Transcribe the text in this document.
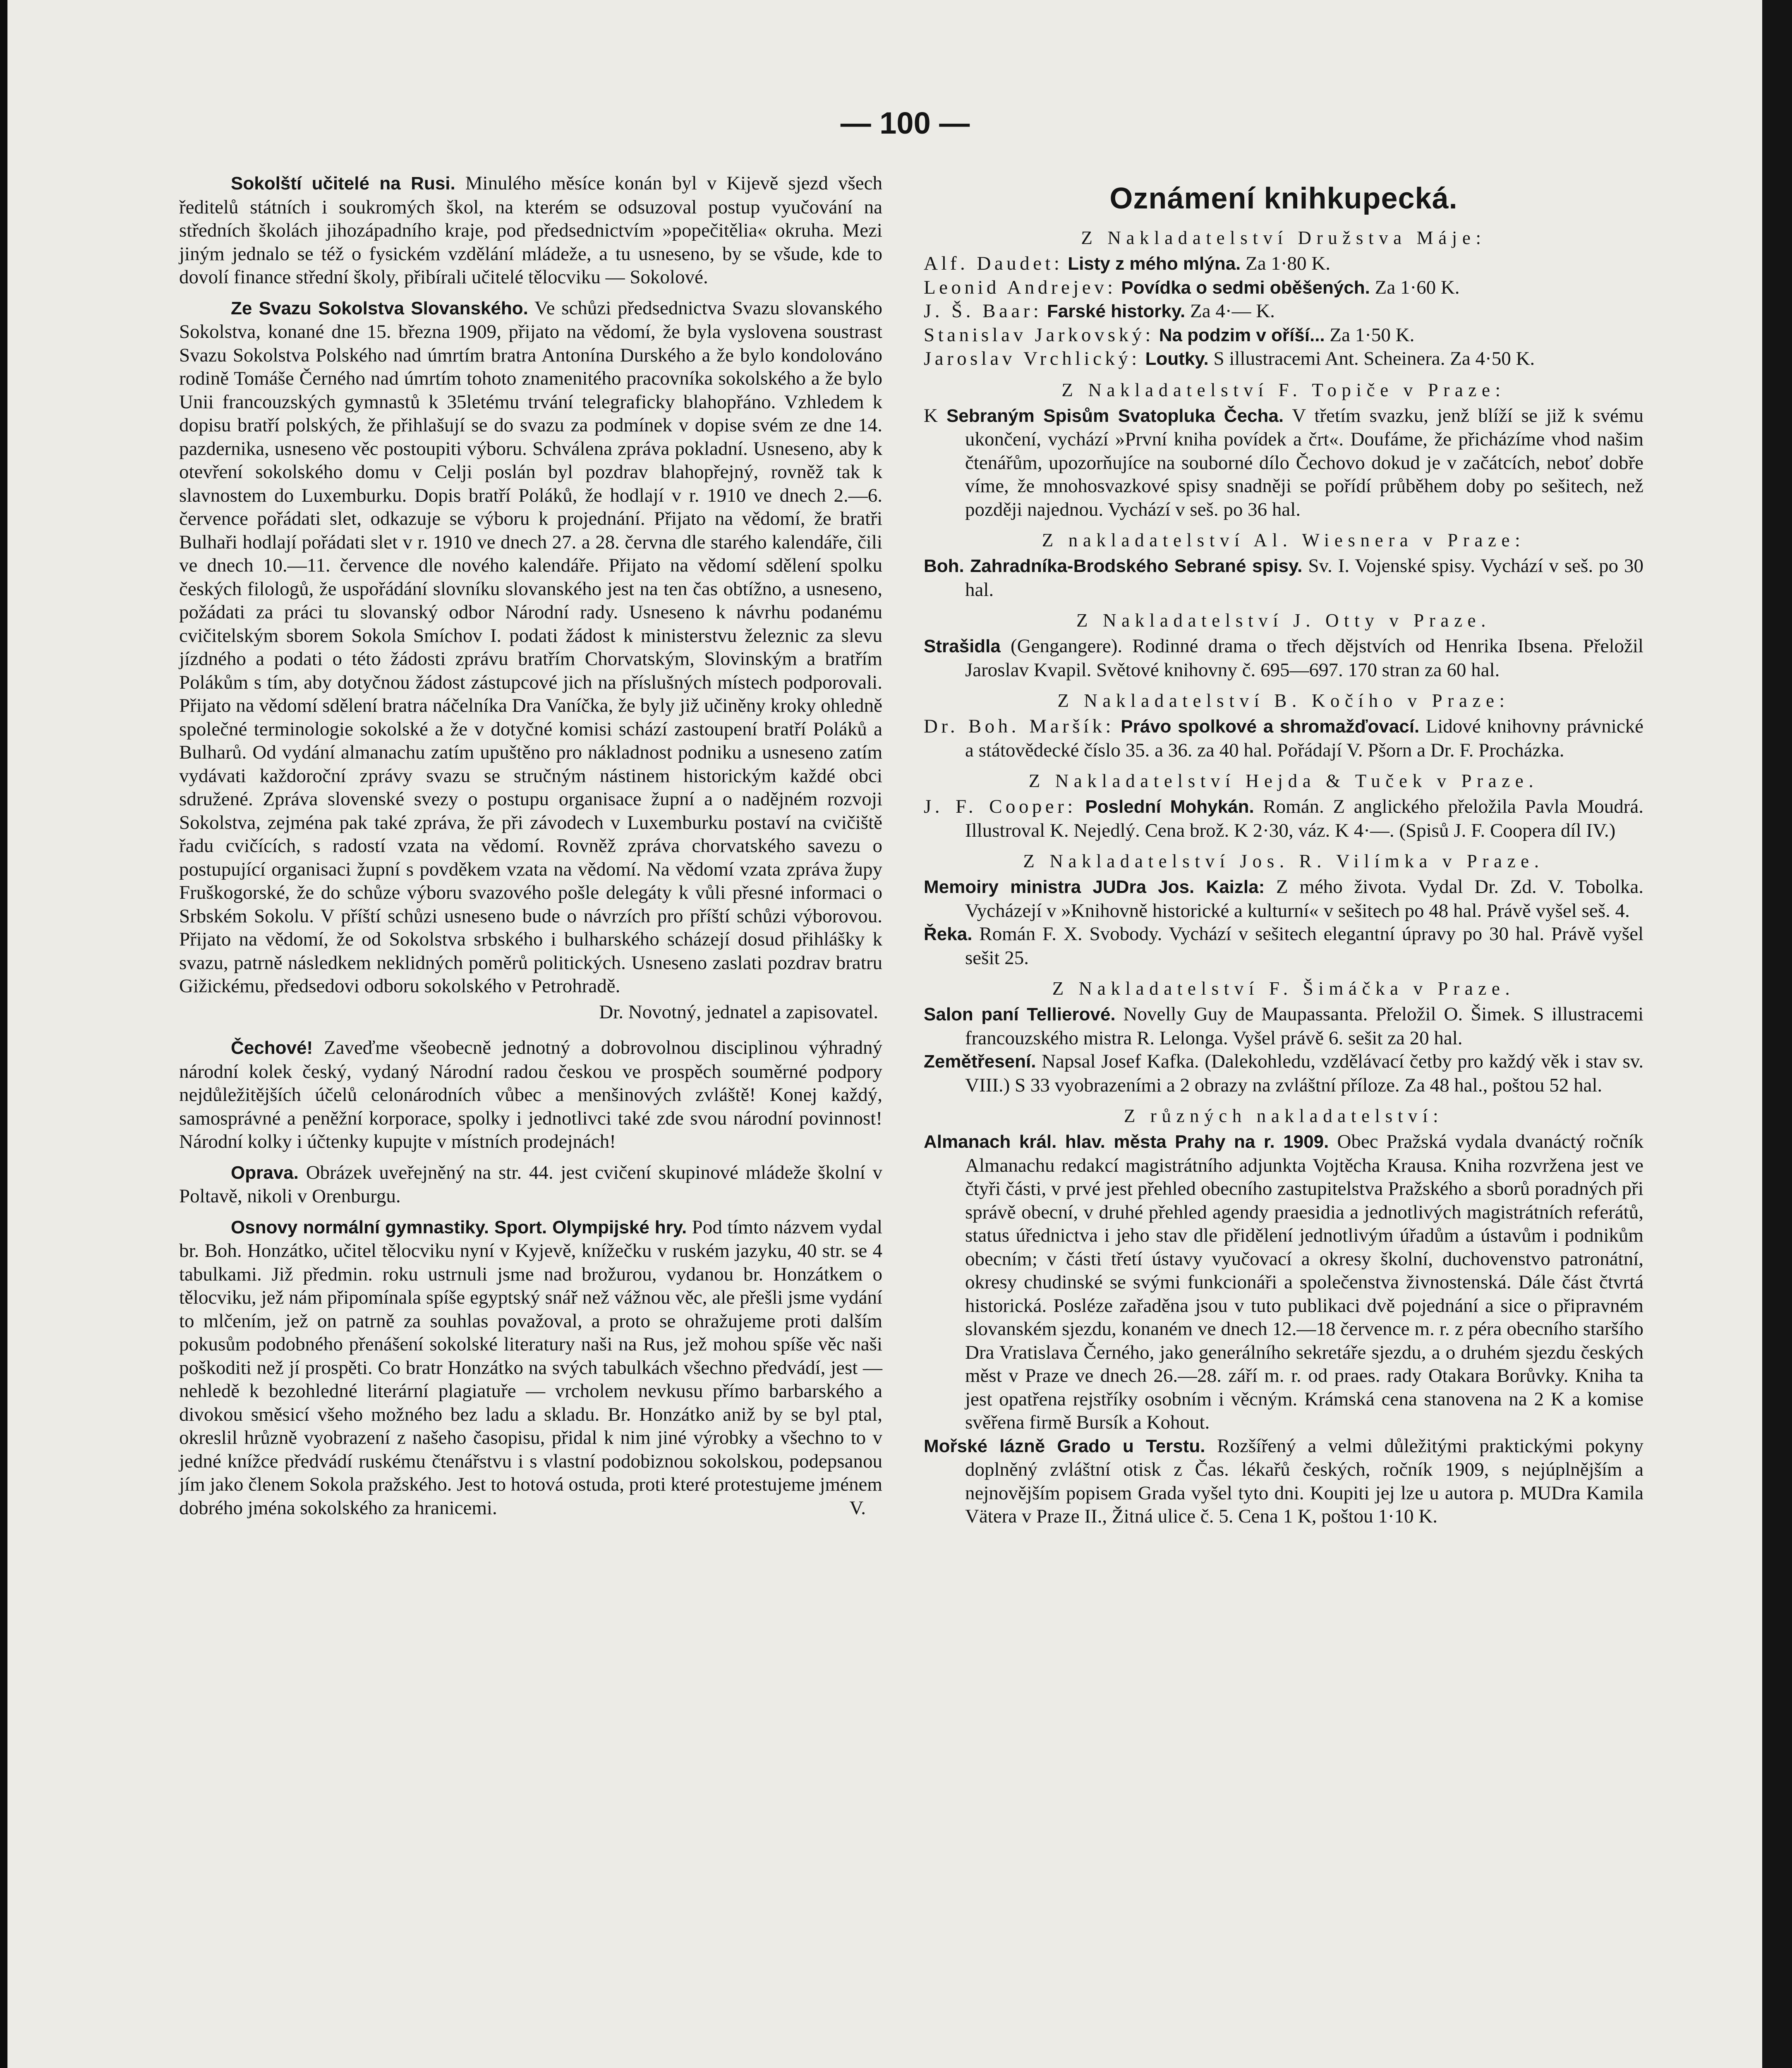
— 100 —

Sokolští učitelé na Rusi. Minulého měsíce konán byl v Kijevě sjezd všech ředitelů státních i soukromých škol, na kterém se odsuzoval postup vyučování na středních školách jihozápadního kraje, pod předsednictvím »popečitělia« okruha. Mezi jiným jednalo se též o fysickém vzdělání mládeže, a tu usneseno, by se všude, kde to dovolí finance střední školy, přibírali učitelé tělocviku — Sokolové.

Ze Svazu Sokolstva Slovanského. Ve schůzi předsednictva Svazu slovanského Sokolstva, konané dne 15. března 1909, přijato na vědomí, že byla vyslovena soustrast Svazu Sokolstva Polského nad úmrtím bratra Antonína Durského a že bylo kondolováno rodině Tomáše Černého nad úmrtím tohoto znamenitého pracovníka sokolského a že bylo Unii francouzských gymnastů k 35letému trvání telegraficky blahopřáno. Vzhledem k dopisu bratří polských, že přihlašují se do svazu za podmínek v dopise svém ze dne 14. pazdernika, usneseno věc postoupiti výboru. Schválena zpráva pokladní. Usneseno, aby k otevření sokolského domu v Celji poslán byl pozdrav blahopřejný, rovněž tak k slavnostem do Luxemburku. Dopis bratří Poláků, že hodlají v r. 1910 ve dnech 2.—6. července pořádati slet, odkazuje se výboru k projednání. Přijato na vědomí, že bratři Bulhaři hodlají pořádati slet v r. 1910 ve dnech 27. a 28. června dle starého kalendáře, čili ve dnech 10.—11. července dle nového kalendáře. Přijato na vědomí sdělení spolku českých filologů, že uspořádání slovníku slovanského jest na ten čas obtížno, a usneseno, požádati za práci tu slovanský odbor Národní rady. Usneseno k návrhu podanému cvičitelským sborem Sokola Smíchov I. podati žádost k ministerstvu železnic za slevu jízdného a podati o této žádosti zprávu bratřím Chorvatským, Slovinským a bratřím Polákům s tím, aby dotyčnou žádost zástupcové jich na příslušných místech podporovali. Přijato na vědomí sdělení bratra náčelníka Dra Vaníčka, že byly již učiněny kroky ohledně společné terminologie sokolské a že v dotyčné komisi schází zastoupení bratří Poláků a Bulharů. Od vydání almanachu zatím upuštěno pro nákladnost podniku a usneseno zatím vydávati každoroční zprávy svazu se stručným nástinem historickým každé obci sdružené. Zpráva slovenské svezy o postupu organisace župní a o nadějném rozvoji Sokolstva, zejména pak také zpráva, že při závodech v Luxemburku postaví na cvičiště řadu cvičících, s radostí vzata na vědomí. Rovněž zpráva chorvatského savezu o postupující organisaci župní s povděkem vzata na vědomí. Na vědomí vzata zpráva župy Fruškogorské, že do schůze výboru svazového pošle delegáty k vůli přesné informaci o Srbském Sokolu. V příští schůzi usneseno bude o návrzích pro příští schůzi výborovou. Přijato na vědomí, že od Sokolstva srbského i bulharského scházejí dosud přihlášky k svazu, patrně následkem neklidných poměrů politických. Usneseno zaslati pozdrav bratru Gižickému, předsedovi odboru sokolského v Petrohradě.

Dr. Novotný, jednatel a zapisovatel.

Čechové! Zaveďme všeobecně jednotný a dobrovolnou disciplinou výhradný národní kolek český, vydaný Národní radou českou ve prospěch souměrné podpory nejdůležitějších účelů celonárodních vůbec a menšinových zvláště! Konej každý, samosprávné a peněžní korporace, spolky i jednotlivci také zde svou národní povinnost! Národní kolky i účtenky kupujte v místních prodejnách!

Oprava. Obrázek uveřejněný na str. 44. jest cvičení skupinové mládeže školní v Poltavě, nikoli v Orenburgu.

Osnovy normální gymnastiky. Sport. Olympijské hry. Pod tímto názvem vydal br. Boh. Honzátko, učitel tělocviku nyní v Kyjevě, knížečku v ruském jazyku, 40 str. se 4 tabulkami. Již předmin. roku ustrnuli jsme nad brožurou, vydanou br. Honzátkem o tělocviku, jež nám připomínala spíše egyptský snář než vážnou věc, ale přešli jsme vydání to mlčením, jež on patrně za souhlas považoval, a proto se ohražujeme proti dalším pokusům podobného přenášení sokolské literatury naši na Rus, jež mohou spíše věc naši poškoditi než jí prospěti. Co bratr Honzátko na svých tabulkách všechno předvádí, jest — nehledě k bezohledné literární plagiatuře — vrcholem nevkusu přímo barbarského a divokou směsicí všeho možného bez ladu a skladu. Br. Honzátko aniž by se byl ptal, okreslil hrůzně vyobrazení z našeho časopisu, přidal k nim jiné výrobky a všechno to v jedné knížce předvádí ruskému čtenářstvu i s vlastní podobiznou sokolskou, podepsanou jím jako členem Sokola pražského. Jest to hotová ostuda, proti které protestujeme jménem dobrého jména sokolského za hranicemi.	V.

Oznámení knihkupecká.
Z Nakladatelství Družstva Máje:

Alf. Daudet: Listy z mého mlýna. Za 1·80 K.

Leonid Andrejev: Povídka o sedmi oběšených. Za 1·60 K.

J. Š. Baar: Farské historky. Za 4·— K.

Stanislav Jarkovský: Na podzim v oříší... Za 1·50 K.

Jaroslav Vrchlický: Loutky. S illustracemi Ant. Scheinera. Za 4·50 K.

Z Nakladatelství F. Topiče v Praze:

K Sebraným Spisům Svatopluka Čecha. V třetím svazku, jenž blíží se již k svému ukončení, vychází »První kniha povídek a črt«. Doufáme, že přicházíme vhod našim čtenářům, upozorňujíce na souborné dílo Čechovo dokud je v začátcích, neboť dobře víme, že mnohosvazkové spisy snadněji se pořídí průběhem doby po sešitech, než později najednou. Vychází v seš. po 36 hal.

Z nakladatelství Al. Wiesnera v Praze:

Boh. Zahradníka-Brodského Sebrané spisy. Sv. I. Vojenské spisy. Vychází v seš. po 30 hal.

Z Nakladatelství J. Otty v Praze.

Strašidla (Gengangere). Rodinné drama o třech dějstvích od Henrika Ibsena. Přeložil Jaroslav Kvapil. Světové knihovny č. 695—697. 170 stran za 60 hal.

Z Nakladatelství B. Kočího v Praze:

Dr. Boh. Maršík: Právo spolkové a shromažďovací. Lidové knihovny právnické a státovědecké číslo 35. a 36. za 40 hal. Pořádají V. Pšorn a Dr. F. Procházka.

Z Nakladatelství Hejda & Tuček v Praze.

J. F. Cooper: Poslední Mohykán. Román. Z anglického přeložila Pavla Moudrá. Illustroval K. Nejedlý. Cena brož. K 2·30, váz. K 4·—. (Spisů J. F. Coopera díl IV.)

Z Nakladatelství Jos. R. Vilímka v Praze.

Memoiry ministra JUDra Jos. Kaizla: Z mého života. Vydal Dr. Zd. V. Tobolka. Vycházejí v »Knihovně historické a kulturní« v sešitech po 48 hal. Právě vyšel seš. 4.

Řeka. Román F. X. Svobody. Vychází v sešitech elegantní úpravy po 30 hal. Právě vyšel sešit 25.

Z Nakladatelství F. Šimáčka v Praze.

Salon paní Tellierové. Novelly Guy de Maupassanta. Přeložil O. Šimek. S illustracemi francouzského mistra R. Lelonga. Vyšel právě 6. sešit za 20 hal.

Zemětřesení. Napsal Josef Kafka. (Dalekohledu, vzdělávací četby pro každý věk i stav sv. VIII.) S 33 vyobrazeními a 2 obrazy na zvláštní příloze. Za 48 hal., poštou 52 hal.

Z různých nakladatelství:

Almanach král. hlav. města Prahy na r. 1909. Obec Pražská vydala dvanáctý ročník Almanachu redakcí magistrátního adjunkta Vojtěcha Krausa. Kniha rozvržena jest ve čtyři části, v prvé jest přehled obecního zastupitelstva Pražského a sborů poradných při správě obecní, v druhé přehled agendy praesidia a jednotlivých magistrátních referátů, status úřednictva i jeho stav dle přidělení jednotlivým úřadům a ústavům i podnikům obecním; v části třetí ústavy vyučovací a okresy školní, duchovenstvo patronátní, okresy chudinské se svými funkcionáři a společenstva živnostenská. Dále část čtvrtá historická. Posléze zařaděna jsou v tuto publikaci dvě pojednání a sice o připravném slovanském sjezdu, konaném ve dnech 12.—18 července m. r. z péra obecního staršího Dra Vratislava Černého, jako generálního sekretáře sjezdu, a o druhém sjezdu českých měst v Praze ve dnech 26.—28. září m. r. od praes. rady Otakara Borůvky. Kniha ta jest opatřena rejstříky osobním i věcným. Krámská cena stanovena na 2 K a komise svěřena firmě Bursík a Kohout.

Mořské lázně Grado u Terstu. Rozšířený a velmi důležitými praktickými pokyny doplněný zvláštní otisk z Čas. lékařů českých, ročník 1909, s nejúplnějším a nejnovějším popisem Grada vyšel tyto dni. Koupiti jej lze u autora p. MUDra Kamila Vätera v Praze II., Žitná ulice č. 5. Cena 1 K, poštou 1·10 K.
